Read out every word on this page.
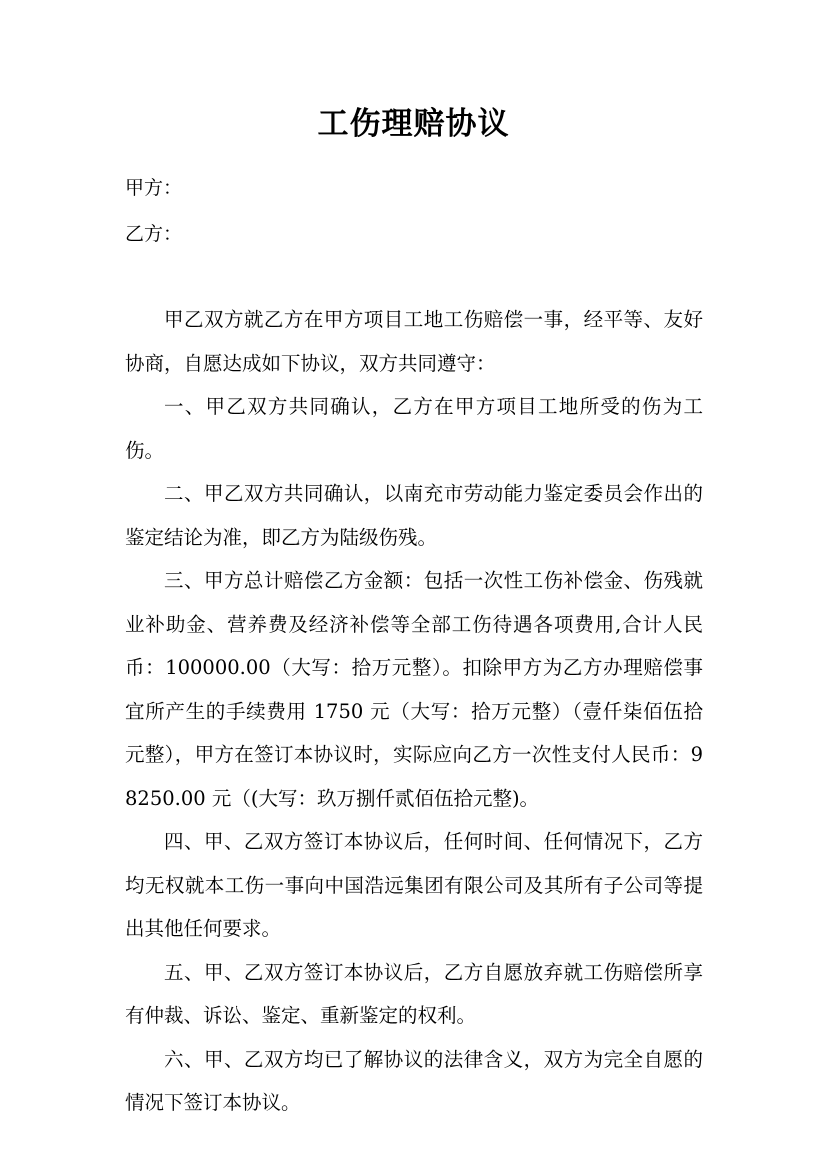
工伤理赔协议

甲方：

乙方：

甲乙双方就乙方在甲方项目工地工伤赔偿一事，经平等、友好协商，自愿达成如下协议，双方共同遵守：

一、甲乙双方共同确认，乙方在甲方项目工地所受的伤为工伤。

二、甲乙双方共同确认，以南充市劳动能力鉴定委员会作出的鉴定结论为准，即乙方为陆级伤残。

三、甲方总计赔偿乙方金额：包括一次性工伤补偿金、伤残就业补助金、营养费及经济补偿等全部工伤待遇各项费用,合计人民币：100000.00（大写：拾万元整）。扣除甲方为乙方办理赔偿事宜所产生的手续费用 1750 元（大写：拾万元整）（壹仟柒佰伍拾元整），甲方在签订本协议时，实际应向乙方一次性支付人民币：98250.00 元（(大写：玖万捌仟贰佰伍拾元整)。

四、甲、乙双方签订本协议后，任何时间、任何情况下，乙方均无权就本工伤一事向中国浩远集团有限公司及其所有子公司等提出其他任何要求。

五、甲、乙双方签订本协议后，乙方自愿放弃就工伤赔偿所享有仲裁、诉讼、鉴定、重新鉴定的权利。

六、甲、乙双方均已了解协议的法律含义，双方为完全自愿的情况下签订本协议。
